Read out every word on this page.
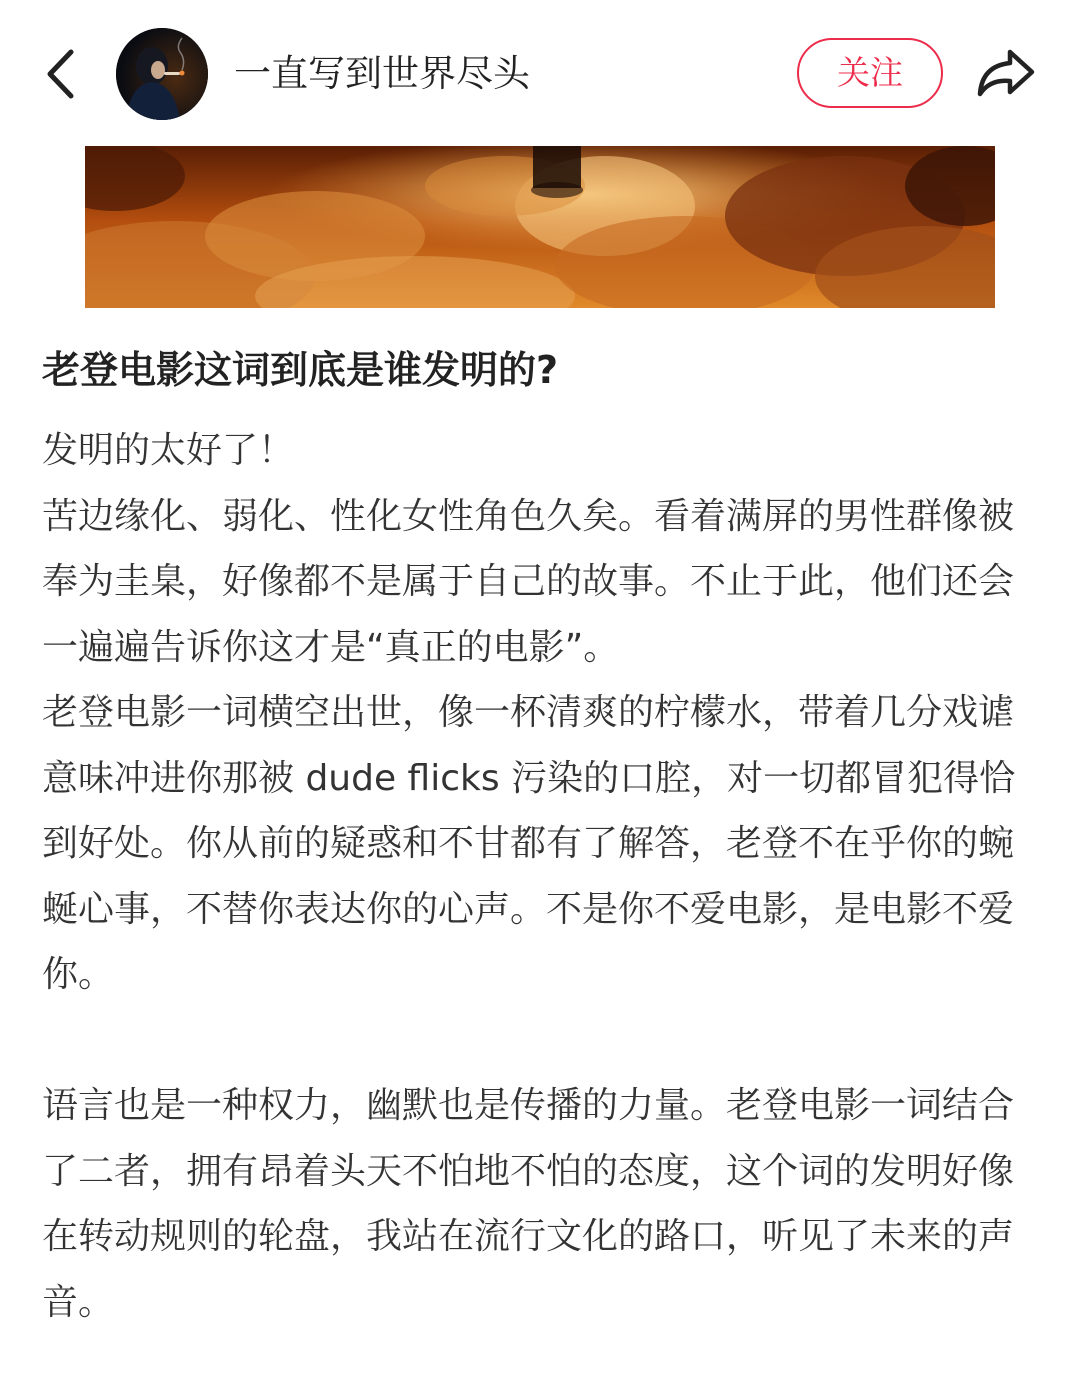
一直写到世界尽头	关注
老登电影这词到底是谁发明的?

发明的太好了！

苦边缘化、弱化、性化女性角色久矣。看着满屏的男性群像被奉为圭臬，好像都不是属于自己的故事。不止于此，他们还会一遍遍告诉你这才是“真正的电影”。

老登电影一词横空出世，像一杯清爽的柠檬水，带着几分戏谑意味冲进你那被 dude flicks 污染的口腔，对一切都冒犯得恰到好处。你从前的疑惑和不甘都有了解答，老登不在乎你的蜿蜒心事，不替你表达你的心声。不是你不爱电影，是电影不爱你。

语言也是一种权力，幽默也是传播的力量。老登电影一词结合了二者，拥有昂着头天不怕地不怕的态度，这个词的发明好像在转动规则的轮盘，我站在流行文化的路口，听见了未来的声音。
